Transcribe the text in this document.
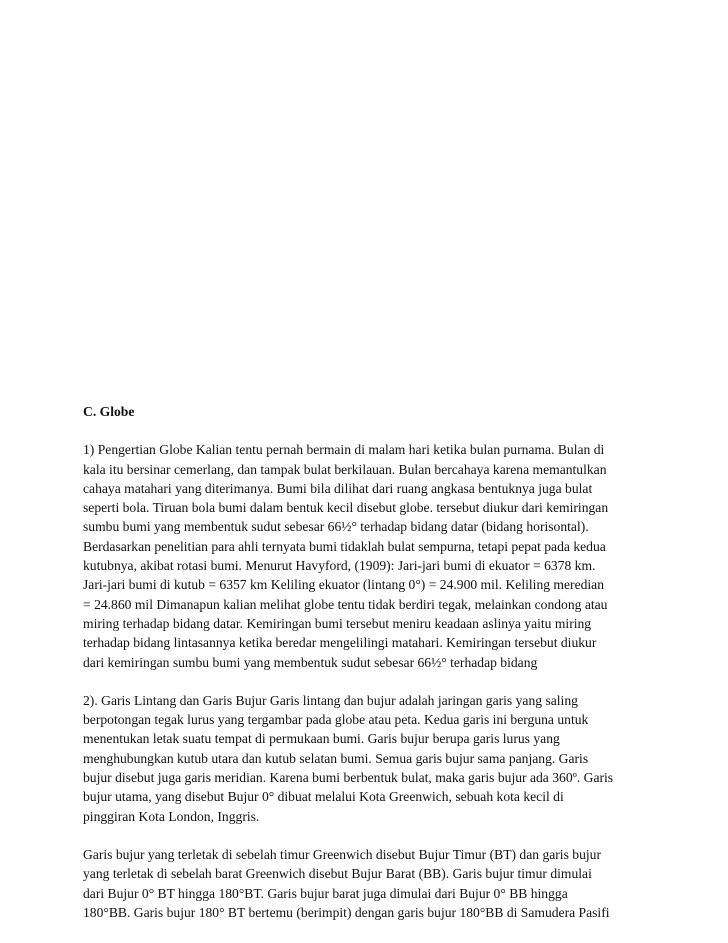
C. Globe
1) Pengertian Globe Kalian tentu pernah bermain di malam hari ketika bulan purnama. Bulan di
kala itu bersinar cemerlang, dan tampak bulat berkilauan. Bulan bercahaya karena memantulkan
cahaya matahari yang diterimanya. Bumi bila dilihat dari ruang angkasa bentuknya juga bulat
seperti bola. Tiruan bola bumi dalam bentuk kecil disebut globe. tersebut diukur dari kemiringan
sumbu bumi yang membentuk sudut sebesar 66½° terhadap bidang datar (bidang horisontal).
Berdasarkan penelitian para ahli ternyata bumi tidaklah bulat sempurna, tetapi pepat pada kedua
kutubnya, akibat rotasi bumi. Menurut Havyford, (1909): Jari-jari bumi di ekuator = 6378 km.
Jari-jari bumi di kutub = 6357 km Keliling ekuator (lintang 0°) = 24.900 mil. Keliling meredian
= 24.860 mil Dimanapun kalian melihat globe tentu tidak berdiri tegak, melainkan condong atau
miring terhadap bidang datar. Kemiringan bumi tersebut meniru keadaan aslinya yaitu miring
terhadap bidang lintasannya ketika beredar mengelilingi matahari. Kemiringan tersebut diukur
dari kemiringan sumbu bumi yang membentuk sudut sebesar 66½° terhadap bidang
2). Garis Lintang dan Garis Bujur Garis lintang dan bujur adalah jaringan garis yang saling
berpotongan tegak lurus yang tergambar pada globe atau peta. Kedua garis ini berguna untuk
menentukan letak suatu tempat di permukaan bumi. Garis bujur berupa garis lurus yang
menghubungkan kutub utara dan kutub selatan bumi. Semua garis bujur sama panjang. Garis
bujur disebut juga garis meridian. Karena bumi berbentuk bulat, maka garis bujur ada 360º. Garis
bujur utama, yang disebut Bujur 0° dibuat melalui Kota Greenwich, sebuah kota kecil di
pinggiran Kota London, Inggris.
Garis bujur yang terletak di sebelah timur Greenwich disebut Bujur Timur (BT) dan garis bujur
yang terletak di sebelah barat Greenwich disebut Bujur Barat (BB). Garis bujur timur dimulai
dari Bujur 0° BT hingga 180°BT. Garis bujur barat juga dimulai dari Bujur 0° BB hingga
180°BB. Garis bujur 180° BT bertemu (berimpit) dengan garis bujur 180°BB di Samudera Pasifi
